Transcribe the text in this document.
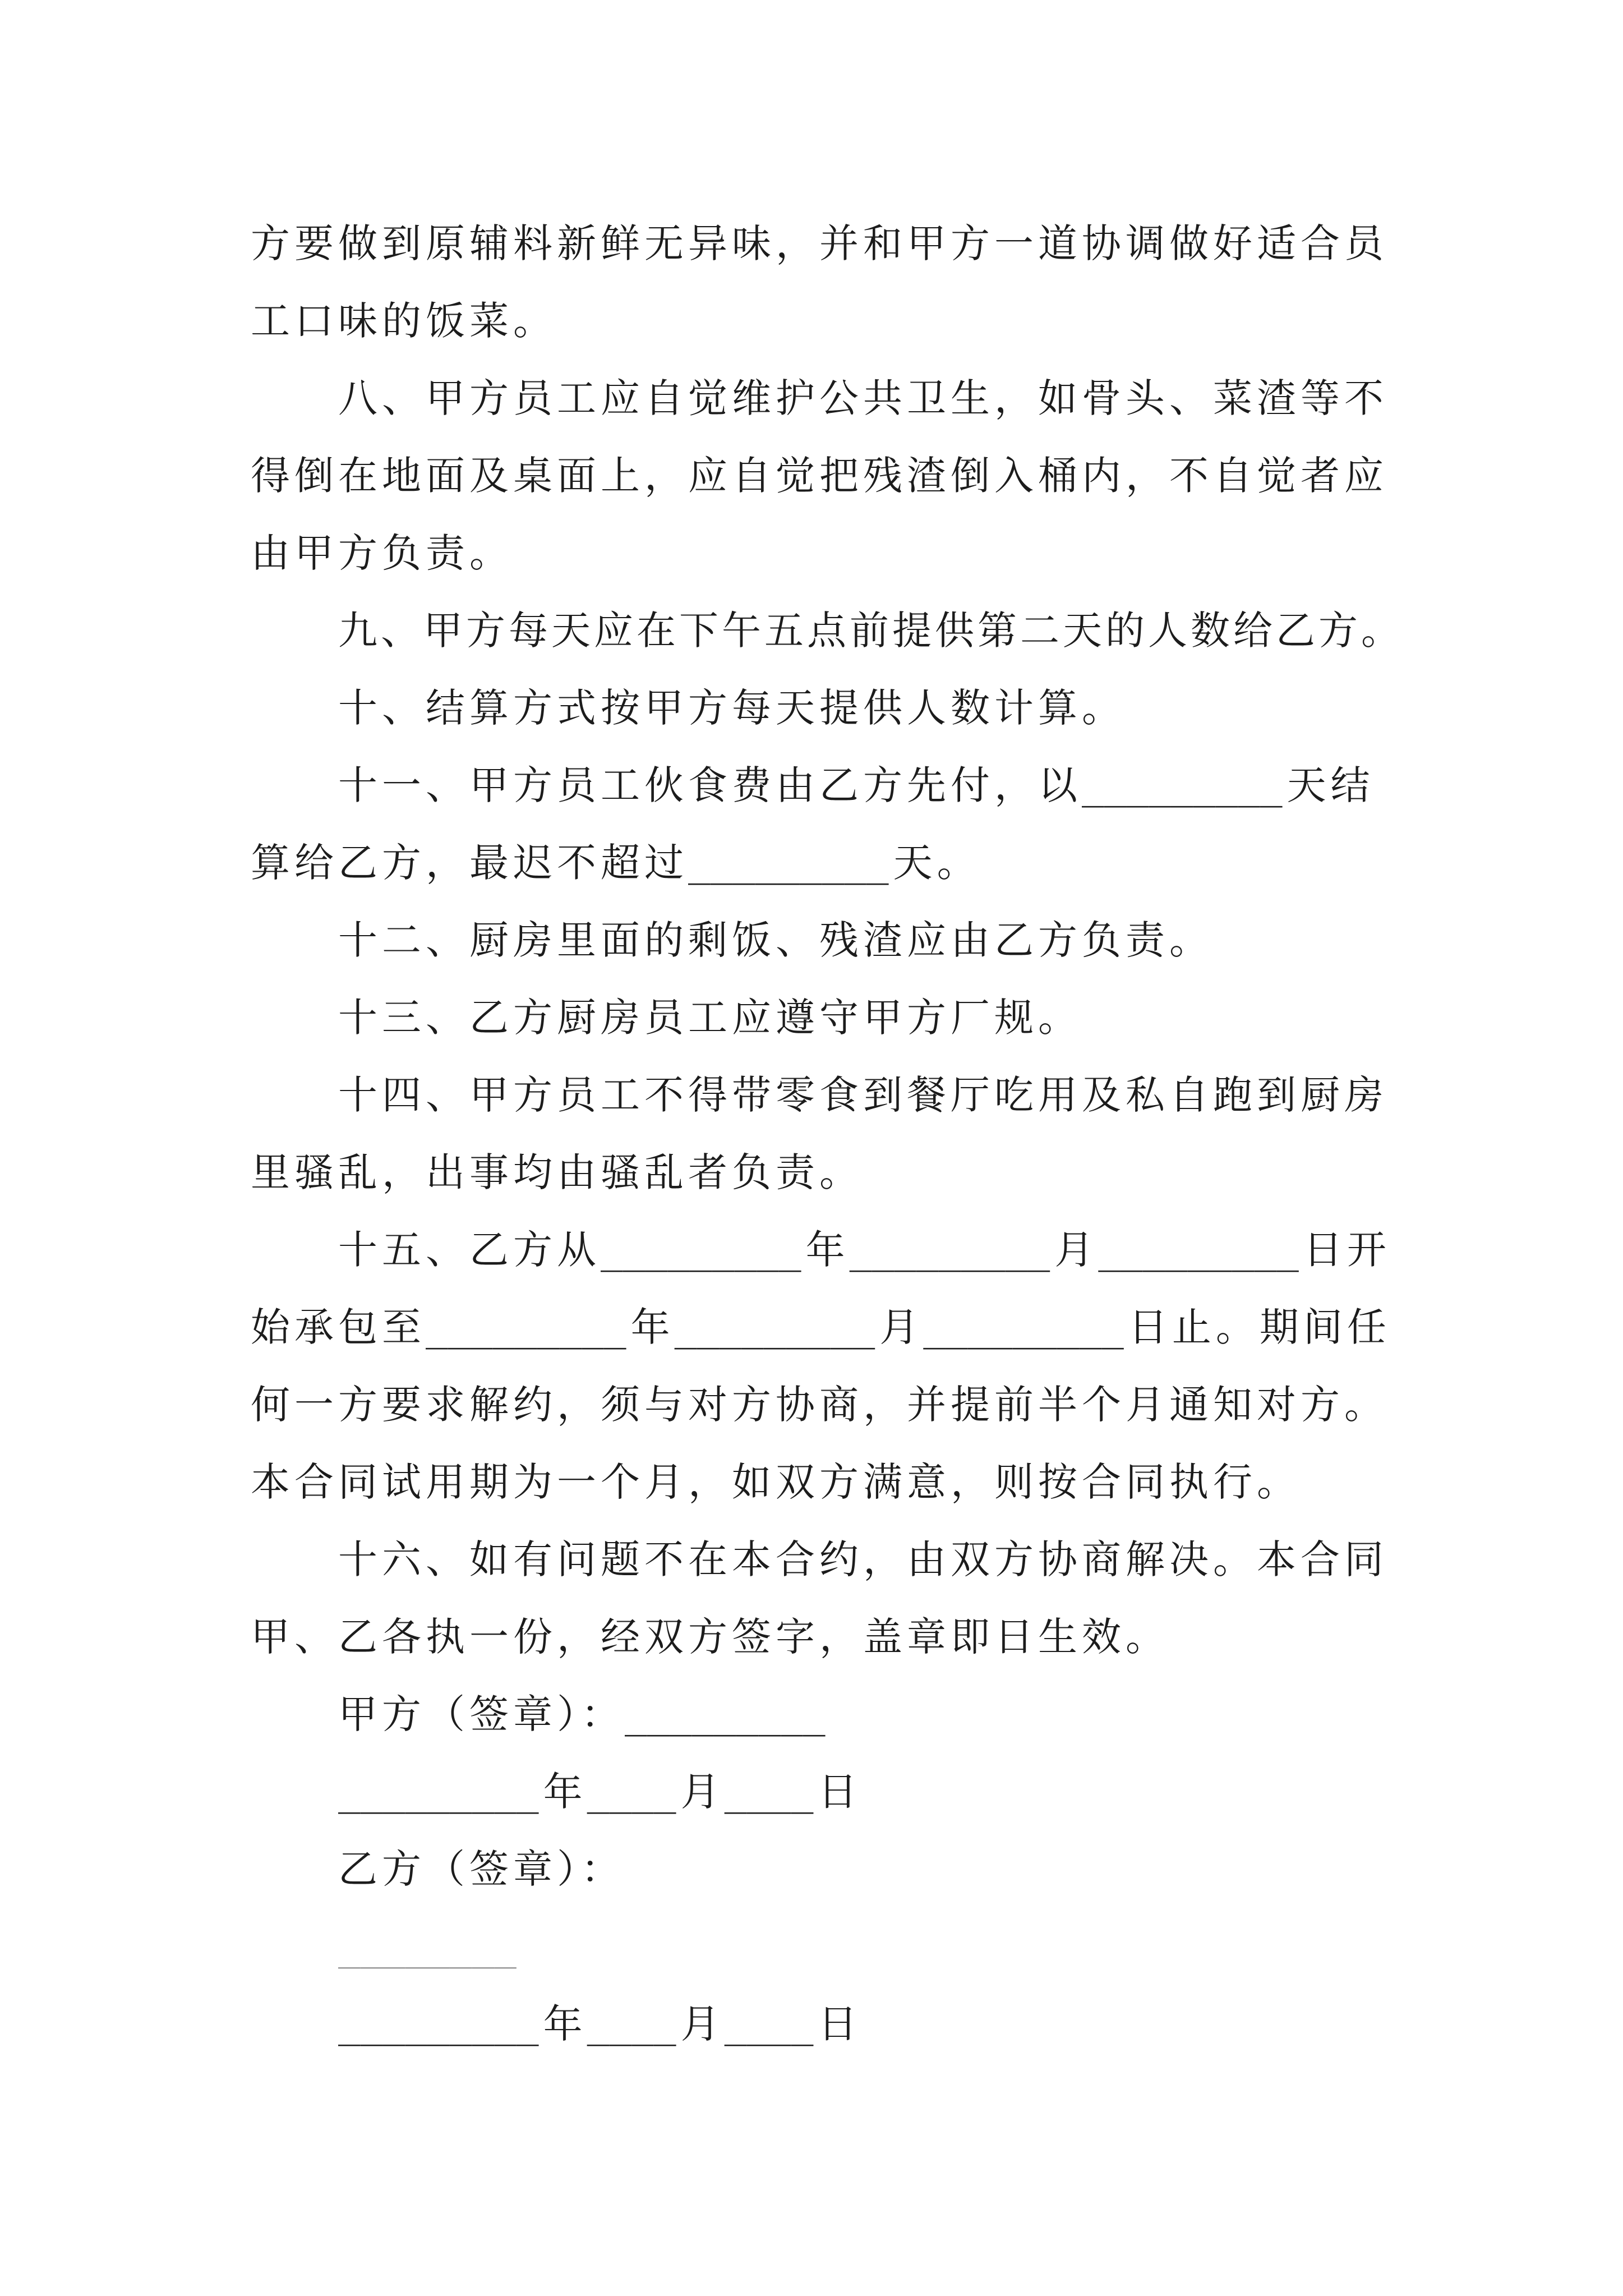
方要做到原辅料新鲜无异味，并和甲方一道协调做好适合员
工口味的饭菜。
八、甲方员工应自觉维护公共卫生，如骨头、菜渣等不
得倒在地面及桌面上，应自觉把残渣倒入桶内，不自觉者应
由甲方负责。
九、甲方每天应在下午五点前提供第二天的人数给乙方。
十、结算方式按甲方每天提供人数计算。
十一、甲方员工伙食费由乙方先付，以_________ 天结
算给乙方，最迟不超过_________ 天。
十二、厨房里面的剩饭、残渣应由乙方负责。
十三、乙方厨房员工应遵守甲方厂规。
十四、甲方员工不得带零食到餐厅吃用及私自跑到厨房
里骚乱，出事均由骚乱者负责。
十五、乙方从_________ 年_________ 月_________ 日开
始承包至_________ 年_________ 月_________ 日止。期间任
何一方要求解约，须与对方协商，并提前半个月通知对方。
本合同试用期为一个月，如双方满意，则按合同执行。
十六、如有问题不在本合约，由双方协商解决。本合同
甲、乙各执一份，经双方签字，盖章即日生效。
甲方（签章）：_________
_________ 年____ 月____ 日
乙方（签章）：
________
_________ 年____ 月____ 日
